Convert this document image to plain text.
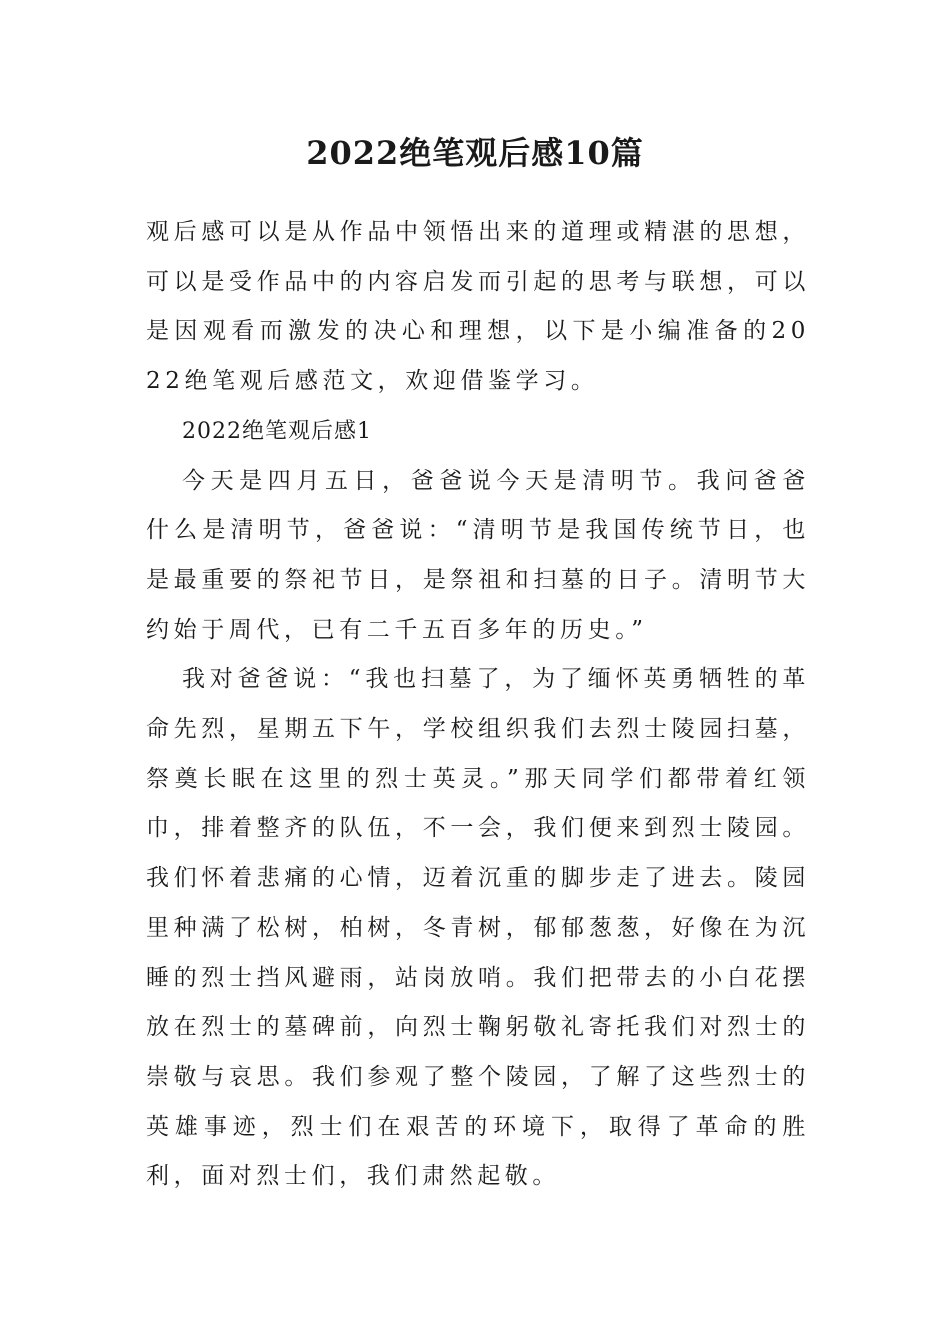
2022绝笔观后感10篇

观后感可以是从作品中领悟出来的道理或精湛的思想，可以是受作品中的内容启发而引起的思考与联想，可以是因观看而激发的决心和理想，以下是小编准备的2022绝笔观后感范文，欢迎借鉴学习。

2022绝笔观后感1

今天是四月五日，爸爸说今天是清明节。我问爸爸什么是清明节，爸爸说：“清明节是我国传统节日，也是最重要的祭祀节日，是祭祖和扫墓的日子。清明节大约始于周代，已有二千五百多年的历史。”

我对爸爸说：“我也扫墓了，为了缅怀英勇牺牲的革命先烈，星期五下午，学校组织我们去烈士陵园扫墓，祭奠长眠在这里的烈士英灵。”那天同学们都带着红领巾，排着整齐的队伍，不一会，我们便来到烈士陵园。我们怀着悲痛的心情，迈着沉重的脚步走了进去。陵园里种满了松树，柏树，冬青树，郁郁葱葱，好像在为沉睡的烈士挡风避雨，站岗放哨。我们把带去的小白花摆放在烈士的墓碑前，向烈士鞠躬敬礼寄托我们对烈士的崇敬与哀思。我们参观了整个陵园，了解了这些烈士的英雄事迹，烈士们在艰苦的环境下，取得了革命的胜利，面对烈士们，我们肃然起敬。
